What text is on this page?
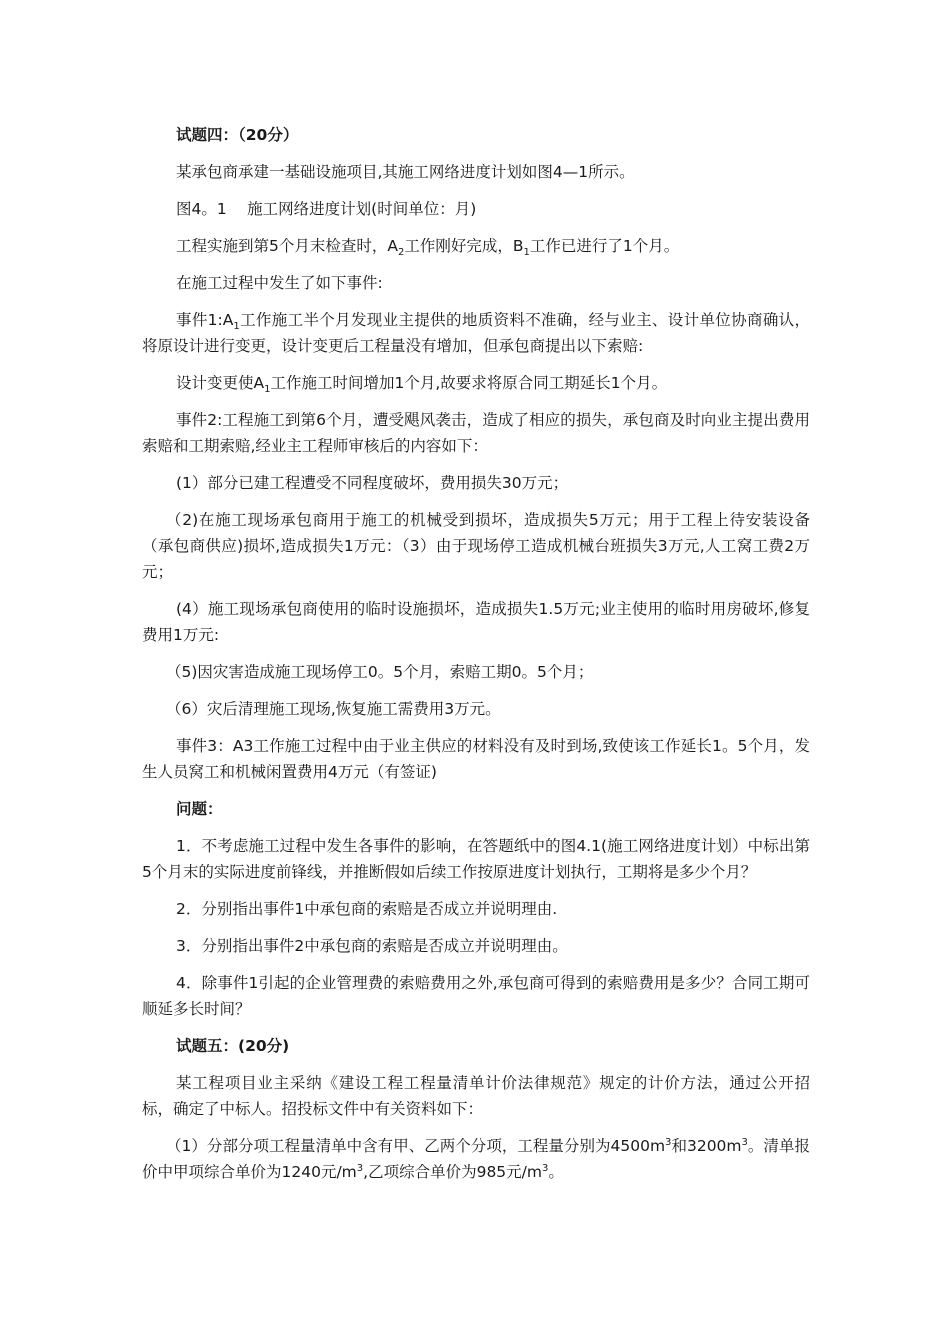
试题四：（20分）

某承包商承建一基础设施项目,其施工网络进度计划如图4—1所示。

图4。1　 施工网络进度计划(时间单位：月)

工程实施到第5个月末检查时，$A_2$工作刚好完成，$B_1$工作已进行了1个月。

在施工过程中发生了如下事件:

事件$1:A_1$工作施工半个月发现业主提供的地质资料不准确，经与业主、设计单位协商确认，将原设计进行变更，设计变更后工程量没有增加，但承包商提出以下索赔:

设计变更使$A_1$工作施工时间增加1个月,故要求将原合同工期延长1个月。

事件2:工程施工到第6个月，遭受飓风袭击，造成了相应的损失，承包商及时向业主提出费用索赔和工期索赔,经业主工程师审核后的内容如下：

(1）部分已建工程遭受不同程度破坏，费用损失30万元；

（2)在施工现场承包商用于施工的机械受到损坏，造成损失5万元；用于工程上待安装设备（承包商供应)损坏,造成损失1万元：（3）由于现场停工造成机械台班损失3万元,人工窝工费2万元；

(4）施工现场承包商使用的临时设施损坏，造成损失1.5万元;业主使用的临时用房破坏,修复费用1万元:

（5)因灾害造成施工现场停工0。5个月，索赔工期0。5个月；

（6）灾后清理施工现场,恢复施工需费用3万元。

事件3：A3工作施工过程中由于业主供应的材料没有及时到场,致使该工作延长1。5个月，发生人员窝工和机械闲置费用4万元（有签证)

问题：

1．不考虑施工过程中发生各事件的影响，在答题纸中的图4.1(施工网络进度计划）中标出第5个月末的实际进度前锋线，并推断假如后续工作按原进度计划执行，工期将是多少个月？

2．分别指出事件1中承包商的索赔是否成立并说明理由.

3．分别指出事件2中承包商的索赔是否成立并说明理由。

4．除事件1引起的企业管理费的索赔费用之外,承包商可得到的索赔费用是多少？合同工期可顺延多长时间？

试题五：(20分)

某工程项目业主采纳《建设工程工程量清单计价法律规范》规定的计价方法，通过公开招标，确定了中标人。招投标文件中有关资料如下：

（1）分部分项工程量清单中含有甲、乙两个分项，工程量分别为$4500m^3$和$3200m^3$。清单报价中甲项综合单价为1240元$/m^3$,乙项综合单价为985元$/m^3$。
